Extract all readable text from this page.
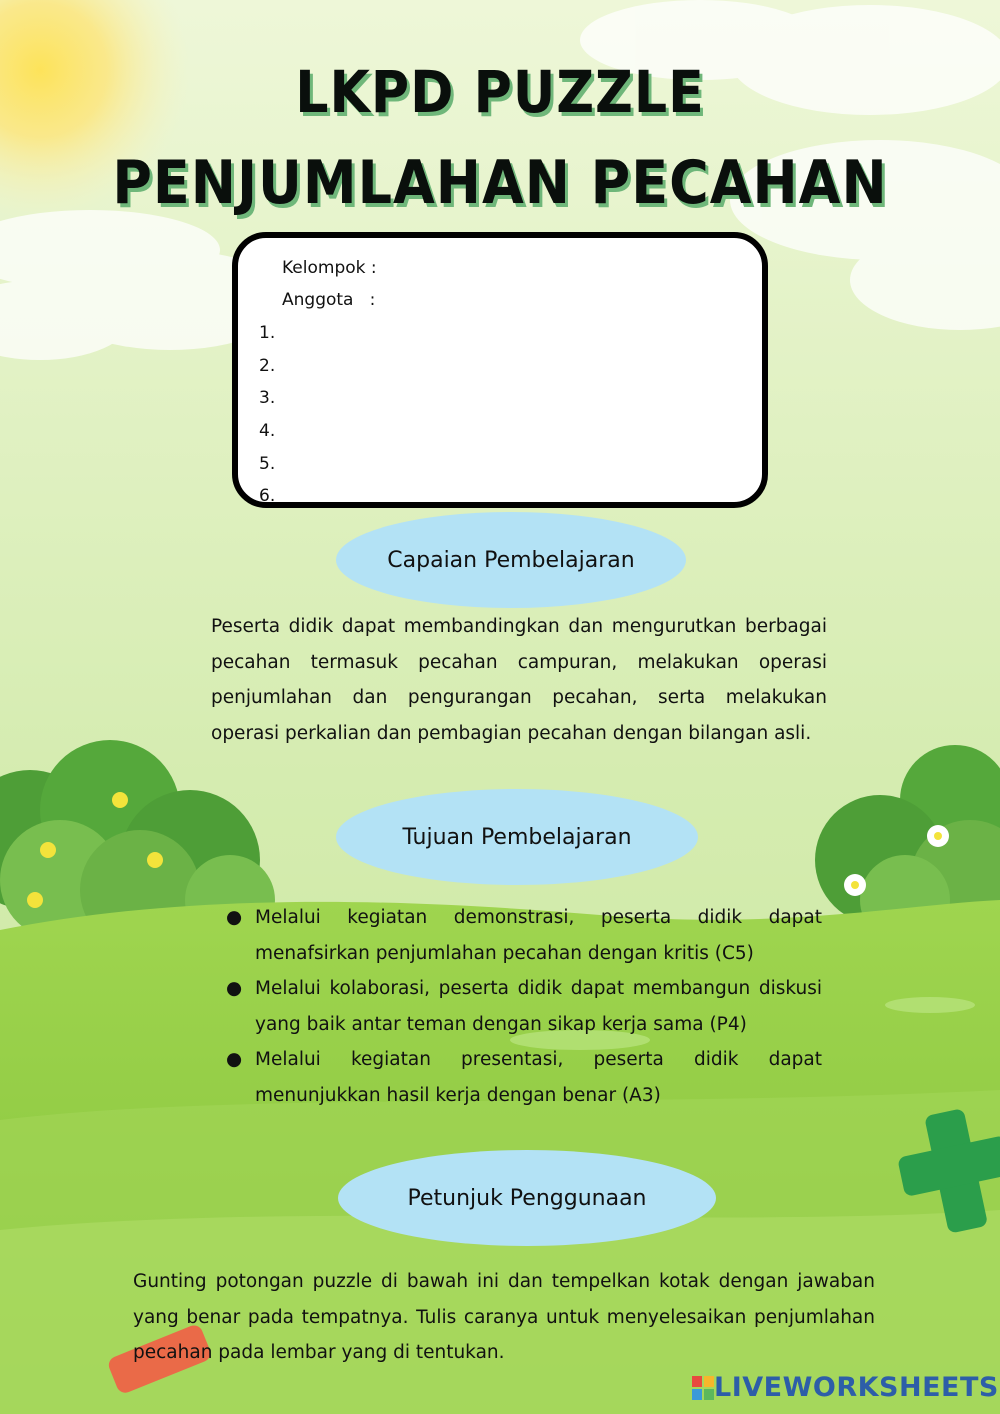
LKPD PUZZLE
PENJUMLAHAN PECAHAN
Kelompok :
Anggota   :
1.
2.
3.
4.
5.
6.
Capaian Pembelajaran
Peserta didik dapat membandingkan dan mengurutkan berbagai pecahan termasuk pecahan campuran, melakukan operasi penjumlahan dan pengurangan pecahan, serta melakukan operasi perkalian dan pembagian pecahan dengan bilangan asli.
Tujuan Pembelajaran
● Melalui kegiatan demonstrasi, peserta didik dapat menafsirkan penjumlahan pecahan dengan kritis (C5)
● Melalui kolaborasi, peserta didik dapat membangun diskusi yang baik antar teman dengan sikap kerja sama (P4)
● Melalui kegiatan presentasi, peserta didik dapat menunjukkan hasil kerja dengan benar (A3)
Petunjuk Penggunaan
Gunting potongan puzzle di bawah ini dan tempelkan kotak dengan jawaban yang benar pada tempatnya. Tulis caranya untuk menyelesaikan penjumlahan pecahan pada lembar yang di tentukan.
LIVEWORKSHEETS
